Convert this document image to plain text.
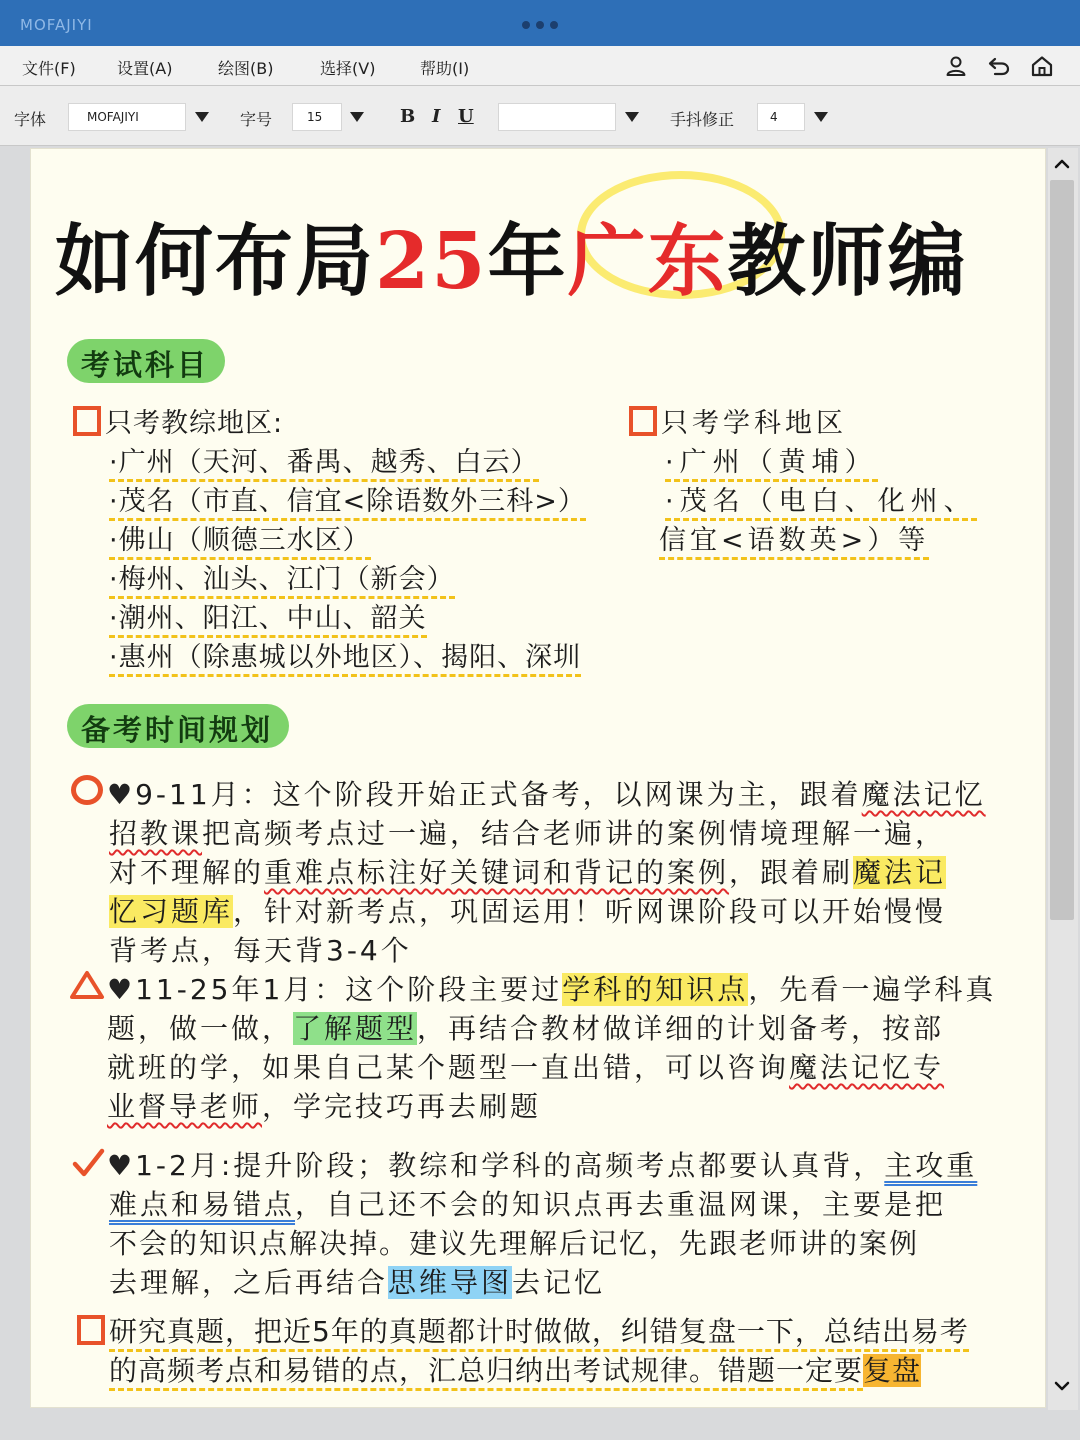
MOFAJIYI
文件(F)	设置(A)	绘图(B)	选择(V)	帮助(I)
字体	MOFAJIYI	字号	15	B I U	手抖修正	4
如何布局25年广东教师编
考试科目
只考教综地区:
·广州（天河、番禺、越秀、白云）
·茂名（市直、信宜<除语数外三科>）
·佛山（顺德三水区）
·梅州、汕头、江门（新会）
·潮州、阳江、中山、韶关
·惠州（除惠城以外地区）、揭阳、深圳
只考学科地区
·广州（黄埔）
·茂名（电白、化州、
信宜<语数英>）等
备考时间规划
♥9-11月：这个阶段开始正式备考，以网课为主，跟着魔法记忆
招教课把高频考点过一遍，结合老师讲的案例情境理解一遍，
对不理解的重难点标注好关键词和背记的案例，跟着刷魔法记
忆习题库，针对新考点，巩固运用！听网课阶段可以开始慢慢
背考点，每天背3-4个
♥11-25年1月：这个阶段主要过学科的知识点，先看一遍学科真
题，做一做，了解题型，再结合教材做详细的计划备考，按部
就班的学，如果自己某个题型一直出错，可以咨询魔法记忆专
业督导老师，学完技巧再去刷题
♥1-2月:提升阶段；教综和学科的高频考点都要认真背，主攻重
难点和易错点，自己还不会的知识点再去重温网课，主要是把
不会的知识点解决掉。建议先理解后记忆，先跟老师讲的案例
去理解，之后再结合思维导图去记忆
研究真题，把近5年的真题都计时做做，纠错复盘一下，总结出易考
的高频考点和易错的点，汇总归纳出考试规律。错题一定要复盘
